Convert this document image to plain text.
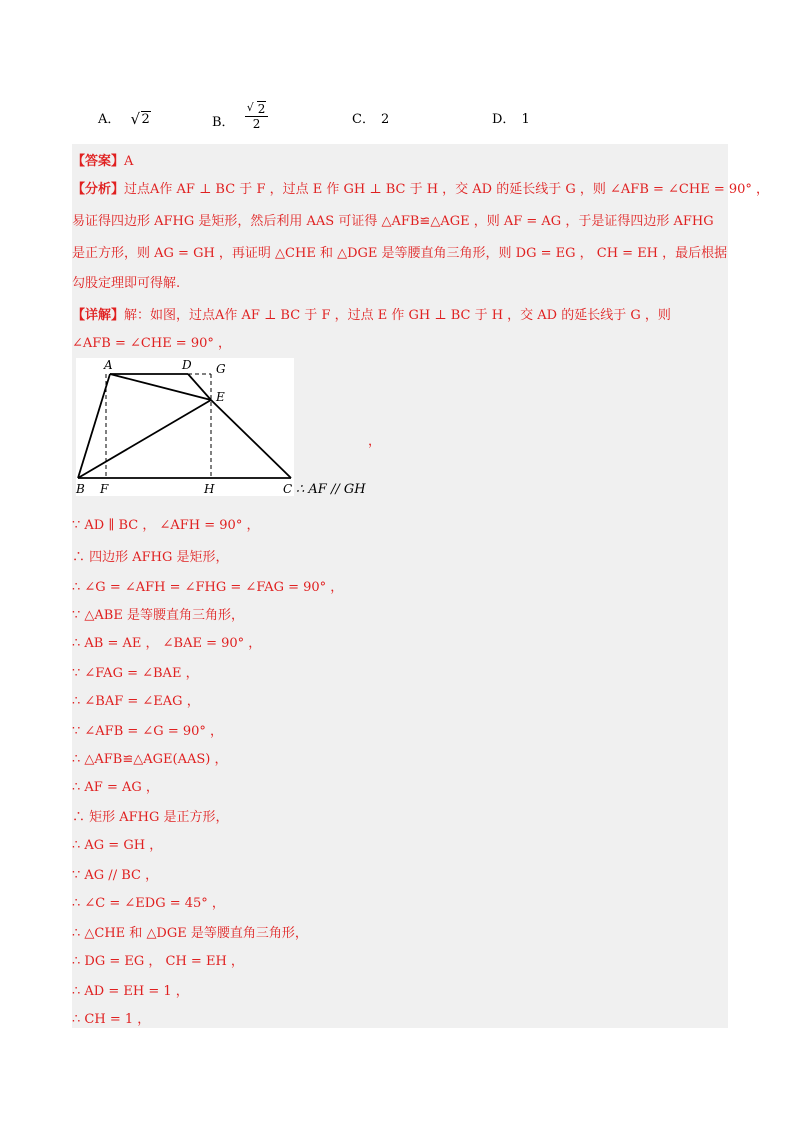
A． √ 2	B． $\frac{√ 2}{2}$	C． 2	D． 1
【答案】A
【分析】过点A作 AF ⊥ BC 于 F ，过点 E 作 GH ⊥ BC 于 H ，交 AD 的延长线于 G ，则 ∠AFB = ∠CHE = 90° ，
易证得四边形 AFHG 是矩形，然后利用 AAS 可证得 △AFB≌△AGE ，则 AF = AG ，于是证得四边形 AFHG
是正方形，则 AG = GH ，再证明 △CHE 和 △DGE 是等腰直角三角形，则 DG = EG ， CH = EH ，最后根据
勾股定理即可得解.
【详解】解：如图，过点A作 AF ⊥ BC 于 F ，过点 E 作 GH ⊥ BC 于 H ，交 AD 的延长线于 G ，则
∠AFB = ∠CHE = 90° ，
A	D G
E
B F	H	C
，
∴ AF // GH
∵ AD ∥ BC ， ∠AFH = 90° ，
∴ 四边形 AFHG 是矩形，
∴ ∠G = ∠AFH = ∠FHG = ∠FAG = 90° ，
∵ △ABE 是等腰直角三角形，
∴ AB = AE ， ∠BAE = 90° ，
∵ ∠FAG = ∠BAE ，
∴ ∠BAF = ∠EAG ，
∵ ∠AFB = ∠G = 90° ，
∴ △AFB≌△AGE(AAS) ，
∴ AF = AG ，
∴ 矩形 AFHG 是正方形，
∴ AG = GH ，
∵ AG // BC ，
∴ ∠C = ∠EDG = 45° ，
∴ △CHE 和 △DGE 是等腰直角三角形，
∴ DG = EG ， CH = EH ，
∴ AD = EH = 1 ，
∴ CH = 1 ，
